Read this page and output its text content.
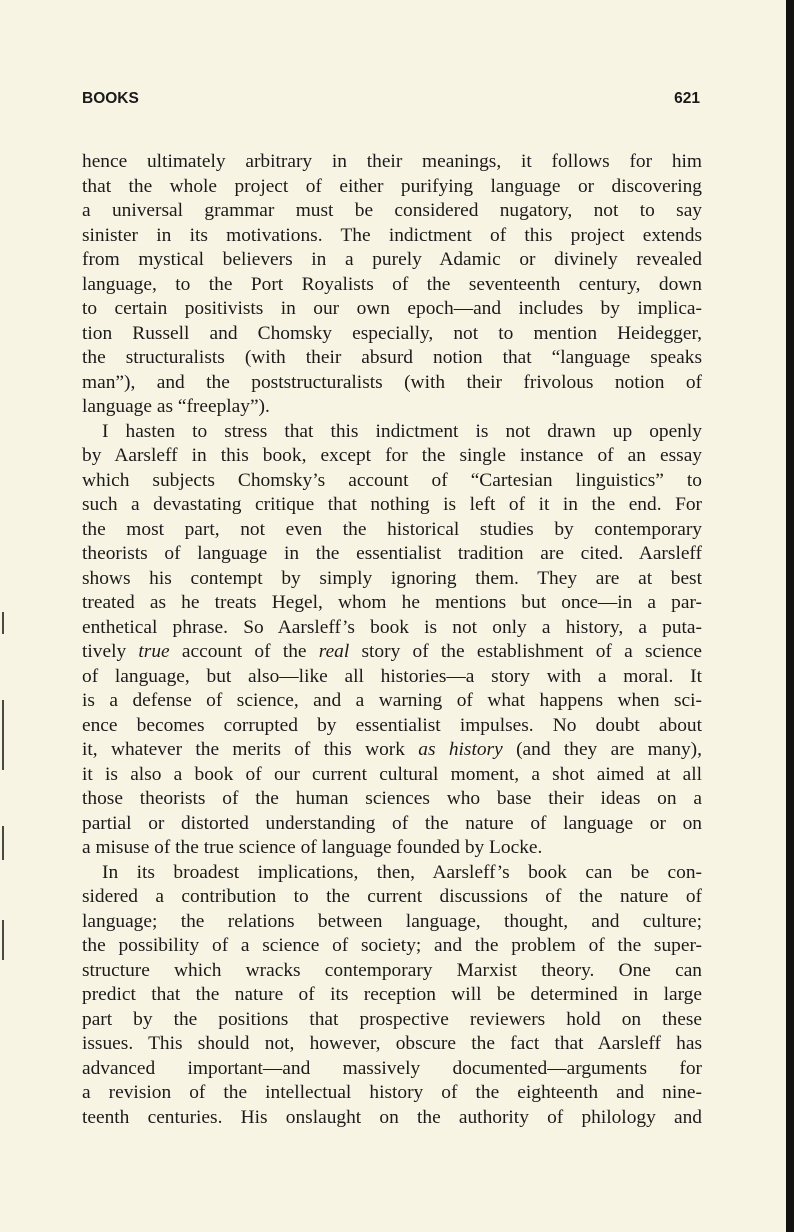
BOOKS	621
hence ultimately arbitrary in their meanings, it follows for him
that the whole project of either purifying language or discovering
a universal grammar must be considered nugatory, not to say
sinister in its motivations. The indictment of this project extends
from mystical believers in a purely Adamic or divinely revealed
language, to the Port Royalists of the seventeenth century, down
to certain positivists in our own epoch—and includes by implica-
tion Russell and Chomsky especially, not to mention Heidegger,
the structuralists (with their absurd notion that “language speaks
man”), and the poststructuralists (with their frivolous notion of
language as “freeplay”).
I hasten to stress that this indictment is not drawn up openly
by Aarsleff in this book, except for the single instance of an essay
which subjects Chomsky’s account of “Cartesian linguistics” to
such a devastating critique that nothing is left of it in the end. For
the most part, not even the historical studies by contemporary
theorists of language in the essentialist tradition are cited. Aarsleff
shows his contempt by simply ignoring them. They are at best
treated as he treats Hegel, whom he mentions but once—in a par-
enthetical phrase. So Aarsleff’s book is not only a history, a puta-
tively true account of the real story of the establishment of a science
of language, but also—like all histories—a story with a moral. It
is a defense of science, and a warning of what happens when sci-
ence becomes corrupted by essentialist impulses. No doubt about
it, whatever the merits of this work as history (and they are many),
it is also a book of our current cultural moment, a shot aimed at all
those theorists of the human sciences who base their ideas on a
partial or distorted understanding of the nature of language or on
a misuse of the true science of language founded by Locke.
In its broadest implications, then, Aarsleff’s book can be con-
sidered a contribution to the current discussions of the nature of
language; the relations between language, thought, and culture;
the possibility of a science of society; and the problem of the super-
structure which wracks contemporary Marxist theory. One can
predict that the nature of its reception will be determined in large
part by the positions that prospective reviewers hold on these
issues. This should not, however, obscure the fact that Aarsleff has
advanced important—and massively documented—arguments for
a revision of the intellectual history of the eighteenth and nine-
teenth centuries. His onslaught on the authority of philology and
